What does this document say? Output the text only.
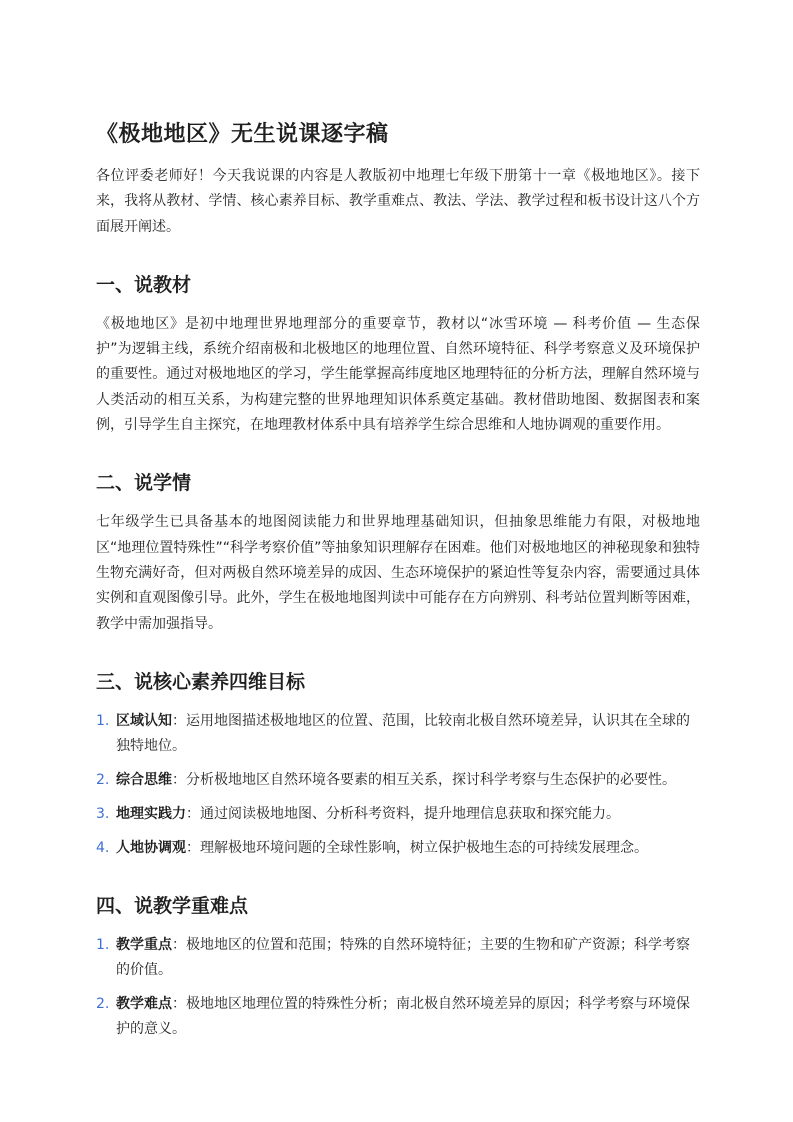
《极地地区》无生说课逐字稿

各位评委老师好！今天我说课的内容是人教版初中地理七年级下册第十一章《极地地区》。接下来，我将从教材、学情、核心素养目标、教学重难点、教法、学法、教学过程和板书设计这八个方面展开阐述。

一、说教材

《极地地区》是初中地理世界地理部分的重要章节，教材以“冰雪环境 — 科考价值 — 生态保护”为逻辑主线，系统介绍南极和北极地区的地理位置、自然环境特征、科学考察意义及环境保护的重要性。通过对极地地区的学习，学生能掌握高纬度地区地理特征的分析方法，理解自然环境与人类活动的相互关系，为构建完整的世界地理知识体系奠定基础。教材借助地图、数据图表和案例，引导学生自主探究，在地理教材体系中具有培养学生综合思维和人地协调观的重要作用。

二、说学情

七年级学生已具备基本的地图阅读能力和世界地理基础知识，但抽象思维能力有限，对极地地区“地理位置特殊性”“科学考察价值”等抽象知识理解存在困难。他们对极地地区的神秘现象和独特生物充满好奇，但对两极自然环境差异的成因、生态环境保护的紧迫性等复杂内容，需要通过具体实例和直观图像引导。此外，学生在极地地图判读中可能存在方向辨别、科考站位置判断等困难，教学中需加强指导。

三、说核心素养四维目标
1. 区域认知：运用地图描述极地地区的位置、范围，比较南北极自然环境差异，认识其在全球的独特地位。
2. 综合思维：分析极地地区自然环境各要素的相互关系，探讨科学考察与生态保护的必要性。
3. 地理实践力：通过阅读极地地图、分析科考资料，提升地理信息获取和探究能力。
4. 人地协调观：理解极地环境问题的全球性影响，树立保护极地生态的可持续发展理念。
四、说教学重难点
1. 教学重点：极地地区的位置和范围；特殊的自然环境特征；主要的生物和矿产资源；科学考察的价值。
2. 教学难点：极地地区地理位置的特殊性分析；南北极自然环境差异的原因；科学考察与环境保护的意义。
